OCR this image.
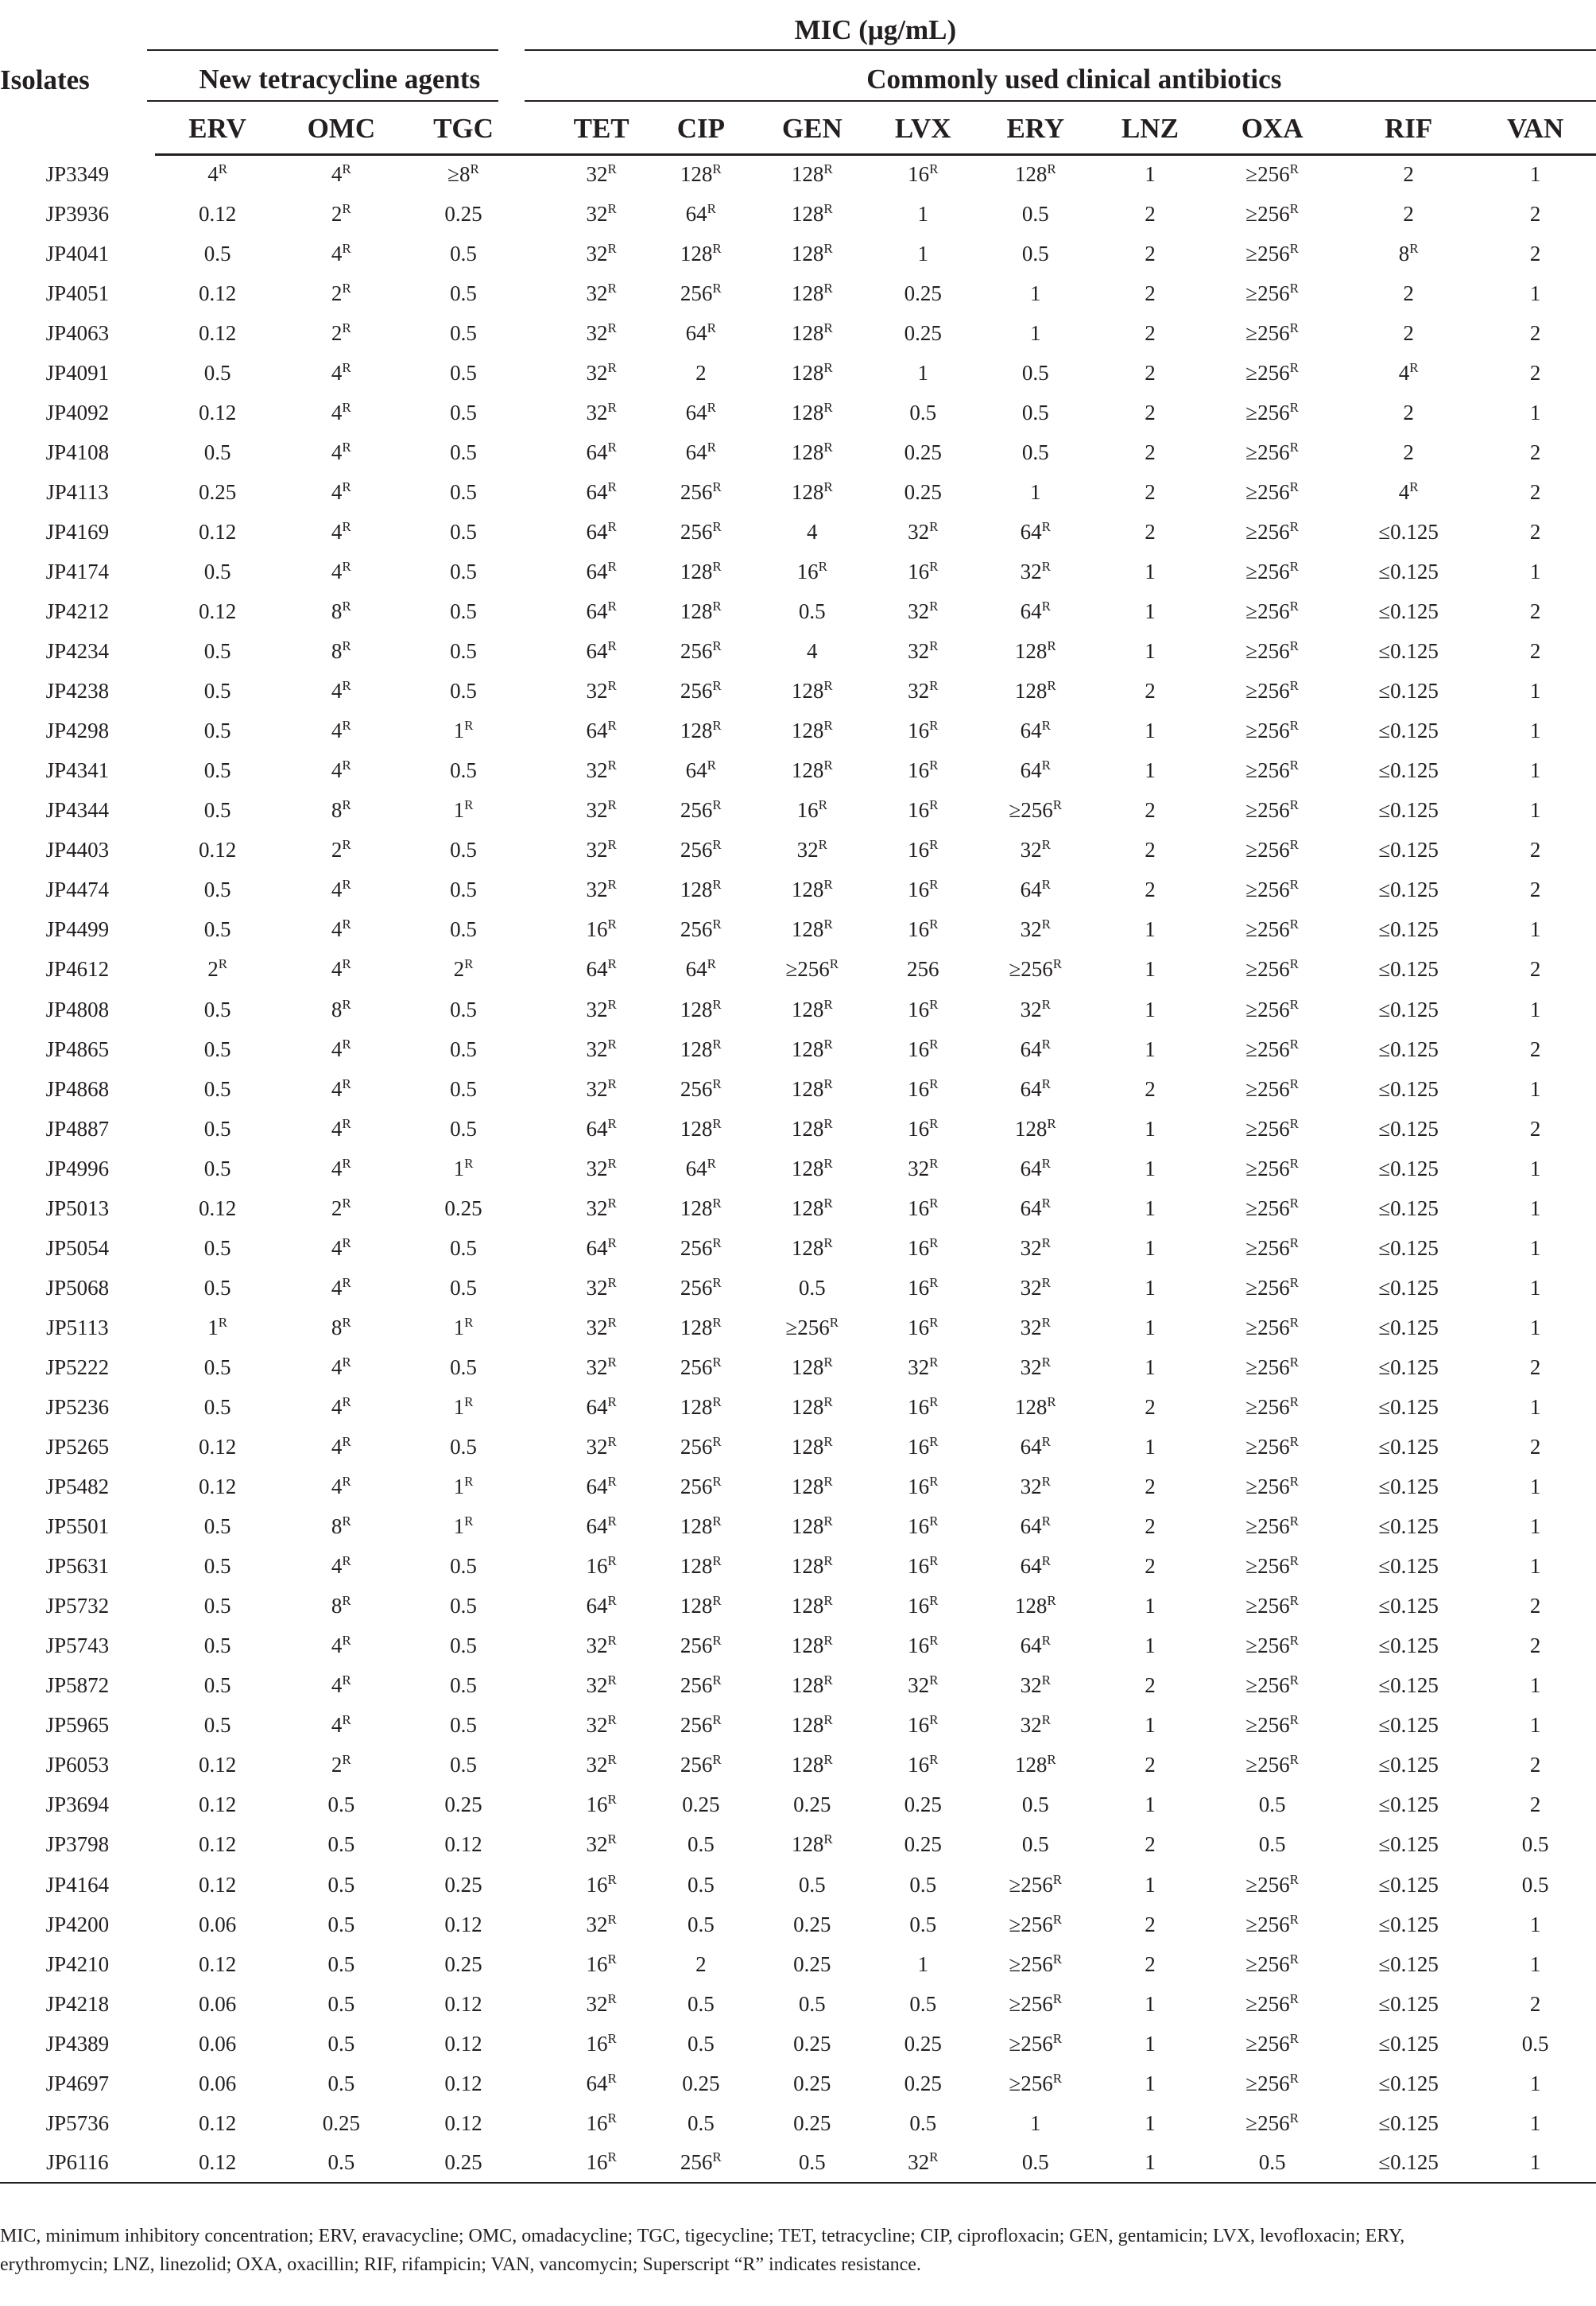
Isolates	MIC (μg/mL)												
	New tetracycline agents				Commonly used clinical antibiotics								
	ERV	OMC	TGC		TET	CIP	GEN	LVX	ERY	LNZ	OXA	RIF	VAN
JP3349	$4^R$	$4^R$	$\ge 8^R$		$32^R$	$128^R$	$128^R$	$16^R$	$128^R$	1	$\ge 256^R$	2	1
JP3936	0.12	$2^R$	0.25		$32^R$	$64^R$	$128^R$	1	0.5	2	$\ge 256^R$	2	2
JP4041	0.5	$4^R$	0.5		$32^R$	$128^R$	$128^R$	1	0.5	2	$\ge 256^R$	$8^R$	2
JP4051	0.12	$2^R$	0.5		$32^R$	$256^R$	$128^R$	0.25	1	2	$\ge 256^R$	2	1
JP4063	0.12	$2^R$	0.5		$32^R$	$64^R$	$128^R$	0.25	1	2	$\ge 256^R$	2	2
JP4091	0.5	$4^R$	0.5		$32^R$	2	$128^R$	1	0.5	2	$\ge 256^R$	$4^R$	2
JP4092	0.12	$4^R$	0.5		$32^R$	$64^R$	$128^R$	0.5	0.5	2	$\ge 256^R$	2	1
JP4108	0.5	$4^R$	0.5		$64^R$	$64^R$	$128^R$	0.25	0.5	2	$\ge 256^R$	2	2
JP4113	0.25	$4^R$	0.5		$64^R$	$256^R$	$128^R$	0.25	1	2	$\ge 256^R$	$4^R$	2
JP4169	0.12	$4^R$	0.5		$64^R$	$256^R$	4	$32^R$	$64^R$	2	$\ge 256^R$	≤0.125	2
JP4174	0.5	$4^R$	0.5		$64^R$	$128^R$	$16^R$	$16^R$	$32^R$	1	$\ge 256^R$	≤0.125	1
JP4212	0.12	$8^R$	0.5		$64^R$	$128^R$	0.5	$32^R$	$64^R$	1	$\ge 256^R$	≤0.125	2
JP4234	0.5	$8^R$	0.5		$64^R$	$256^R$	4	$32^R$	$128^R$	1	$\ge 256^R$	≤0.125	2
JP4238	0.5	$4^R$	0.5		$32^R$	$256^R$	$128^R$	$32^R$	$128^R$	2	$\ge 256^R$	≤0.125	1
JP4298	0.5	$4^R$	$1^R$		$64^R$	$128^R$	$128^R$	$16^R$	$64^R$	1	$\ge 256^R$	≤0.125	1
JP4341	0.5	$4^R$	0.5		$32^R$	$64^R$	$128^R$	$16^R$	$64^R$	1	$\ge 256^R$	≤0.125	1
JP4344	0.5	$8^R$	$1^R$		$32^R$	$256^R$	$16^R$	$16^R$	$\ge 256^R$	2	$\ge 256^R$	≤0.125	1
JP4403	0.12	$2^R$	0.5		$32^R$	$256^R$	$32^R$	$16^R$	$32^R$	2	$\ge 256^R$	≤0.125	2
JP4474	0.5	$4^R$	0.5		$32^R$	$128^R$	$128^R$	$16^R$	$64^R$	2	$\ge 256^R$	≤0.125	2
JP4499	0.5	$4^R$	0.5		$16^R$	$256^R$	$128^R$	$16^R$	$32^R$	1	$\ge 256^R$	≤0.125	1
JP4612	$2^R$	$4^R$	$2^R$		$64^R$	$64^R$	$\ge 256^R$	256	$\ge 256^R$	1	$\ge 256^R$	≤0.125	2
JP4808	0.5	$8^R$	0.5		$32^R$	$128^R$	$128^R$	$16^R$	$32^R$	1	$\ge 256^R$	≤0.125	1
JP4865	0.5	$4^R$	0.5		$32^R$	$128^R$	$128^R$	$16^R$	$64^R$	1	$\ge 256^R$	≤0.125	2
JP4868	0.5	$4^R$	0.5		$32^R$	$256^R$	$128^R$	$16^R$	$64^R$	2	$\ge 256^R$	≤0.125	1
JP4887	0.5	$4^R$	0.5		$64^R$	$128^R$	$128^R$	$16^R$	$128^R$	1	$\ge 256^R$	≤0.125	2
JP4996	0.5	$4^R$	$1^R$		$32^R$	$64^R$	$128^R$	$32^R$	$64^R$	1	$\ge 256^R$	≤0.125	1
JP5013	0.12	$2^R$	0.25		$32^R$	$128^R$	$128^R$	$16^R$	$64^R$	1	$\ge 256^R$	≤0.125	1
JP5054	0.5	$4^R$	0.5		$64^R$	$256^R$	$128^R$	$16^R$	$32^R$	1	$\ge 256^R$	≤0.125	1
JP5068	0.5	$4^R$	0.5		$32^R$	$256^R$	0.5	$16^R$	$32^R$	1	$\ge 256^R$	≤0.125	1
JP5113	$1^R$	$8^R$	$1^R$		$32^R$	$128^R$	$\ge 256^R$	$16^R$	$32^R$	1	$\ge 256^R$	≤0.125	1
JP5222	0.5	$4^R$	0.5		$32^R$	$256^R$	$128^R$	$32^R$	$32^R$	1	$\ge 256^R$	≤0.125	2
JP5236	0.5	$4^R$	$1^R$		$64^R$	$128^R$	$128^R$	$16^R$	$128^R$	2	$\ge 256^R$	≤0.125	1
JP5265	0.12	$4^R$	0.5		$32^R$	$256^R$	$128^R$	$16^R$	$64^R$	1	$\ge 256^R$	≤0.125	2
JP5482	0.12	$4^R$	$1^R$		$64^R$	$256^R$	$128^R$	$16^R$	$32^R$	2	$\ge 256^R$	≤0.125	1
JP5501	0.5	$8^R$	$1^R$		$64^R$	$128^R$	$128^R$	$16^R$	$64^R$	2	$\ge 256^R$	≤0.125	1
JP5631	0.5	$4^R$	0.5		$16^R$	$128^R$	$128^R$	$16^R$	$64^R$	2	$\ge 256^R$	≤0.125	1
JP5732	0.5	$8^R$	0.5		$64^R$	$128^R$	$128^R$	$16^R$	$128^R$	1	$\ge 256^R$	≤0.125	2
JP5743	0.5	$4^R$	0.5		$32^R$	$256^R$	$128^R$	$16^R$	$64^R$	1	$\ge 256^R$	≤0.125	2
JP5872	0.5	$4^R$	0.5		$32^R$	$256^R$	$128^R$	$32^R$	$32^R$	2	$\ge 256^R$	≤0.125	1
JP5965	0.5	$4^R$	0.5		$32^R$	$256^R$	$128^R$	$16^R$	$32^R$	1	$\ge 256^R$	≤0.125	1
JP6053	0.12	$2^R$	0.5		$32^R$	$256^R$	$128^R$	$16^R$	$128^R$	2	$\ge 256^R$	≤0.125	2
JP3694	0.12	0.5	0.25		$16^R$	0.25	0.25	0.25	0.5	1	0.5	≤0.125	2
JP3798	0.12	0.5	0.12		$32^R$	0.5	$128^R$	0.25	0.5	2	0.5	≤0.125	0.5
JP4164	0.12	0.5	0.25		$16^R$	0.5	0.5	0.5	$\ge 256^R$	1	$\ge 256^R$	≤0.125	0.5
JP4200	0.06	0.5	0.12		$32^R$	0.5	0.25	0.5	$\ge 256^R$	2	$\ge 256^R$	≤0.125	1
JP4210	0.12	0.5	0.25		$16^R$	2	0.25	1	$\ge 256^R$	2	$\ge 256^R$	≤0.125	1
JP4218	0.06	0.5	0.12		$32^R$	0.5	0.5	0.5	$\ge 256^R$	1	$\ge 256^R$	≤0.125	2
JP4389	0.06	0.5	0.12		$16^R$	0.5	0.25	0.25	$\ge 256^R$	1	$\ge 256^R$	≤0.125	0.5
JP4697	0.06	0.5	0.12		$64^R$	0.25	0.25	0.25	$\ge 256^R$	1	$\ge 256^R$	≤0.125	1
JP5736	0.12	0.25	0.12		$16^R$	0.5	0.25	0.5	1	1	$\ge 256^R$	≤0.125	1
JP6116	0.12	0.5	0.25		$16^R$	$256^R$	0.5	$32^R$	0.5	1	0.5	≤0.125	1
MIC, minimum inhibitory concentration; ERV, eravacycline; OMC, omadacycline; TGC, tigecycline; TET, tetracycline; CIP, ciprofloxacin; GEN, gentamicin; LVX, levofloxacin; ERY,
erythromycin; LNZ, linezolid; OXA, oxacillin; RIF, rifampicin; VAN, vancomycin; Superscript “R” indicates resistance.
